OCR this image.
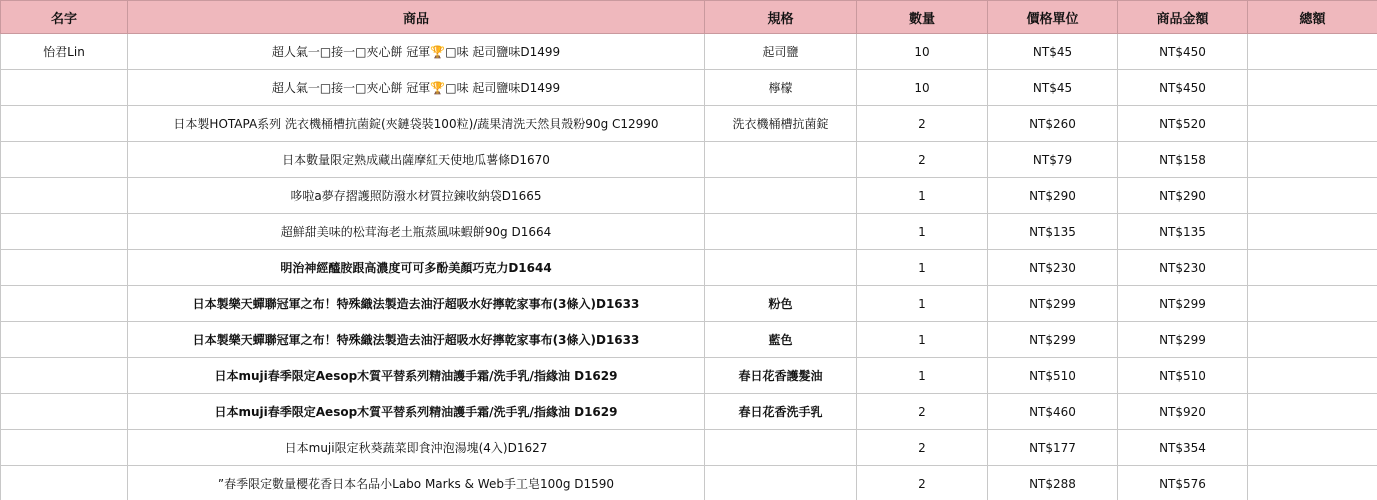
名字	商品	規格	數量	價格單位	商品金額	總額
怡君Lin	超人氣一□接一□夾心餅 冠軍🏆□味 起司鹽味D1499	起司鹽	10	NT$45	NT$450	
	超人氣一□接一□夾心餅 冠軍🏆□味 起司鹽味D1499	檸檬	10	NT$45	NT$450	
	日本製HOTAPA系列 洗衣機桶槽抗菌錠(夾鏈袋裝100粒)/蔬果清洗天然貝殼粉90g C12990	洗衣機桶槽抗菌錠	2	NT$260	NT$520	
	日本數量限定熟成藏出薩摩紅天使地瓜薯條D1670		2	NT$79	NT$158	
	哆啦a夢存摺護照防潑水材質拉鍊收納袋D1665		1	NT$290	NT$290	
	超鮮甜美味的松茸海老土瓶蒸風味蝦餅90g D1664		1	NT$135	NT$135	
	明治神經醯胺跟高濃度可可多酚美顏巧克力D1644		1	NT$230	NT$230	
	日本製樂天蟬聯冠軍之布！特殊織法製造去油汙超吸水好擰乾家事布(3條入)D1633	粉色	1	NT$299	NT$299	
	日本製樂天蟬聯冠軍之布！特殊織法製造去油汙超吸水好擰乾家事布(3條入)D1633	藍色	1	NT$299	NT$299	
	日本muji春季限定Aesop木質平替系列精油護手霜/洗手乳/指緣油 D1629	春日花香護髮油	1	NT$510	NT$510	
	日本muji春季限定Aesop木質平替系列精油護手霜/洗手乳/指緣油 D1629	春日花香洗手乳	2	NT$460	NT$920	
	日本muji限定秋葵蔬菜即食沖泡湯塊(4入)D1627		2	NT$177	NT$354	
	”春季限定數量櫻花香日本名品小Labo Marks & Web手工皂100g D1590		2	NT$288	NT$576	
